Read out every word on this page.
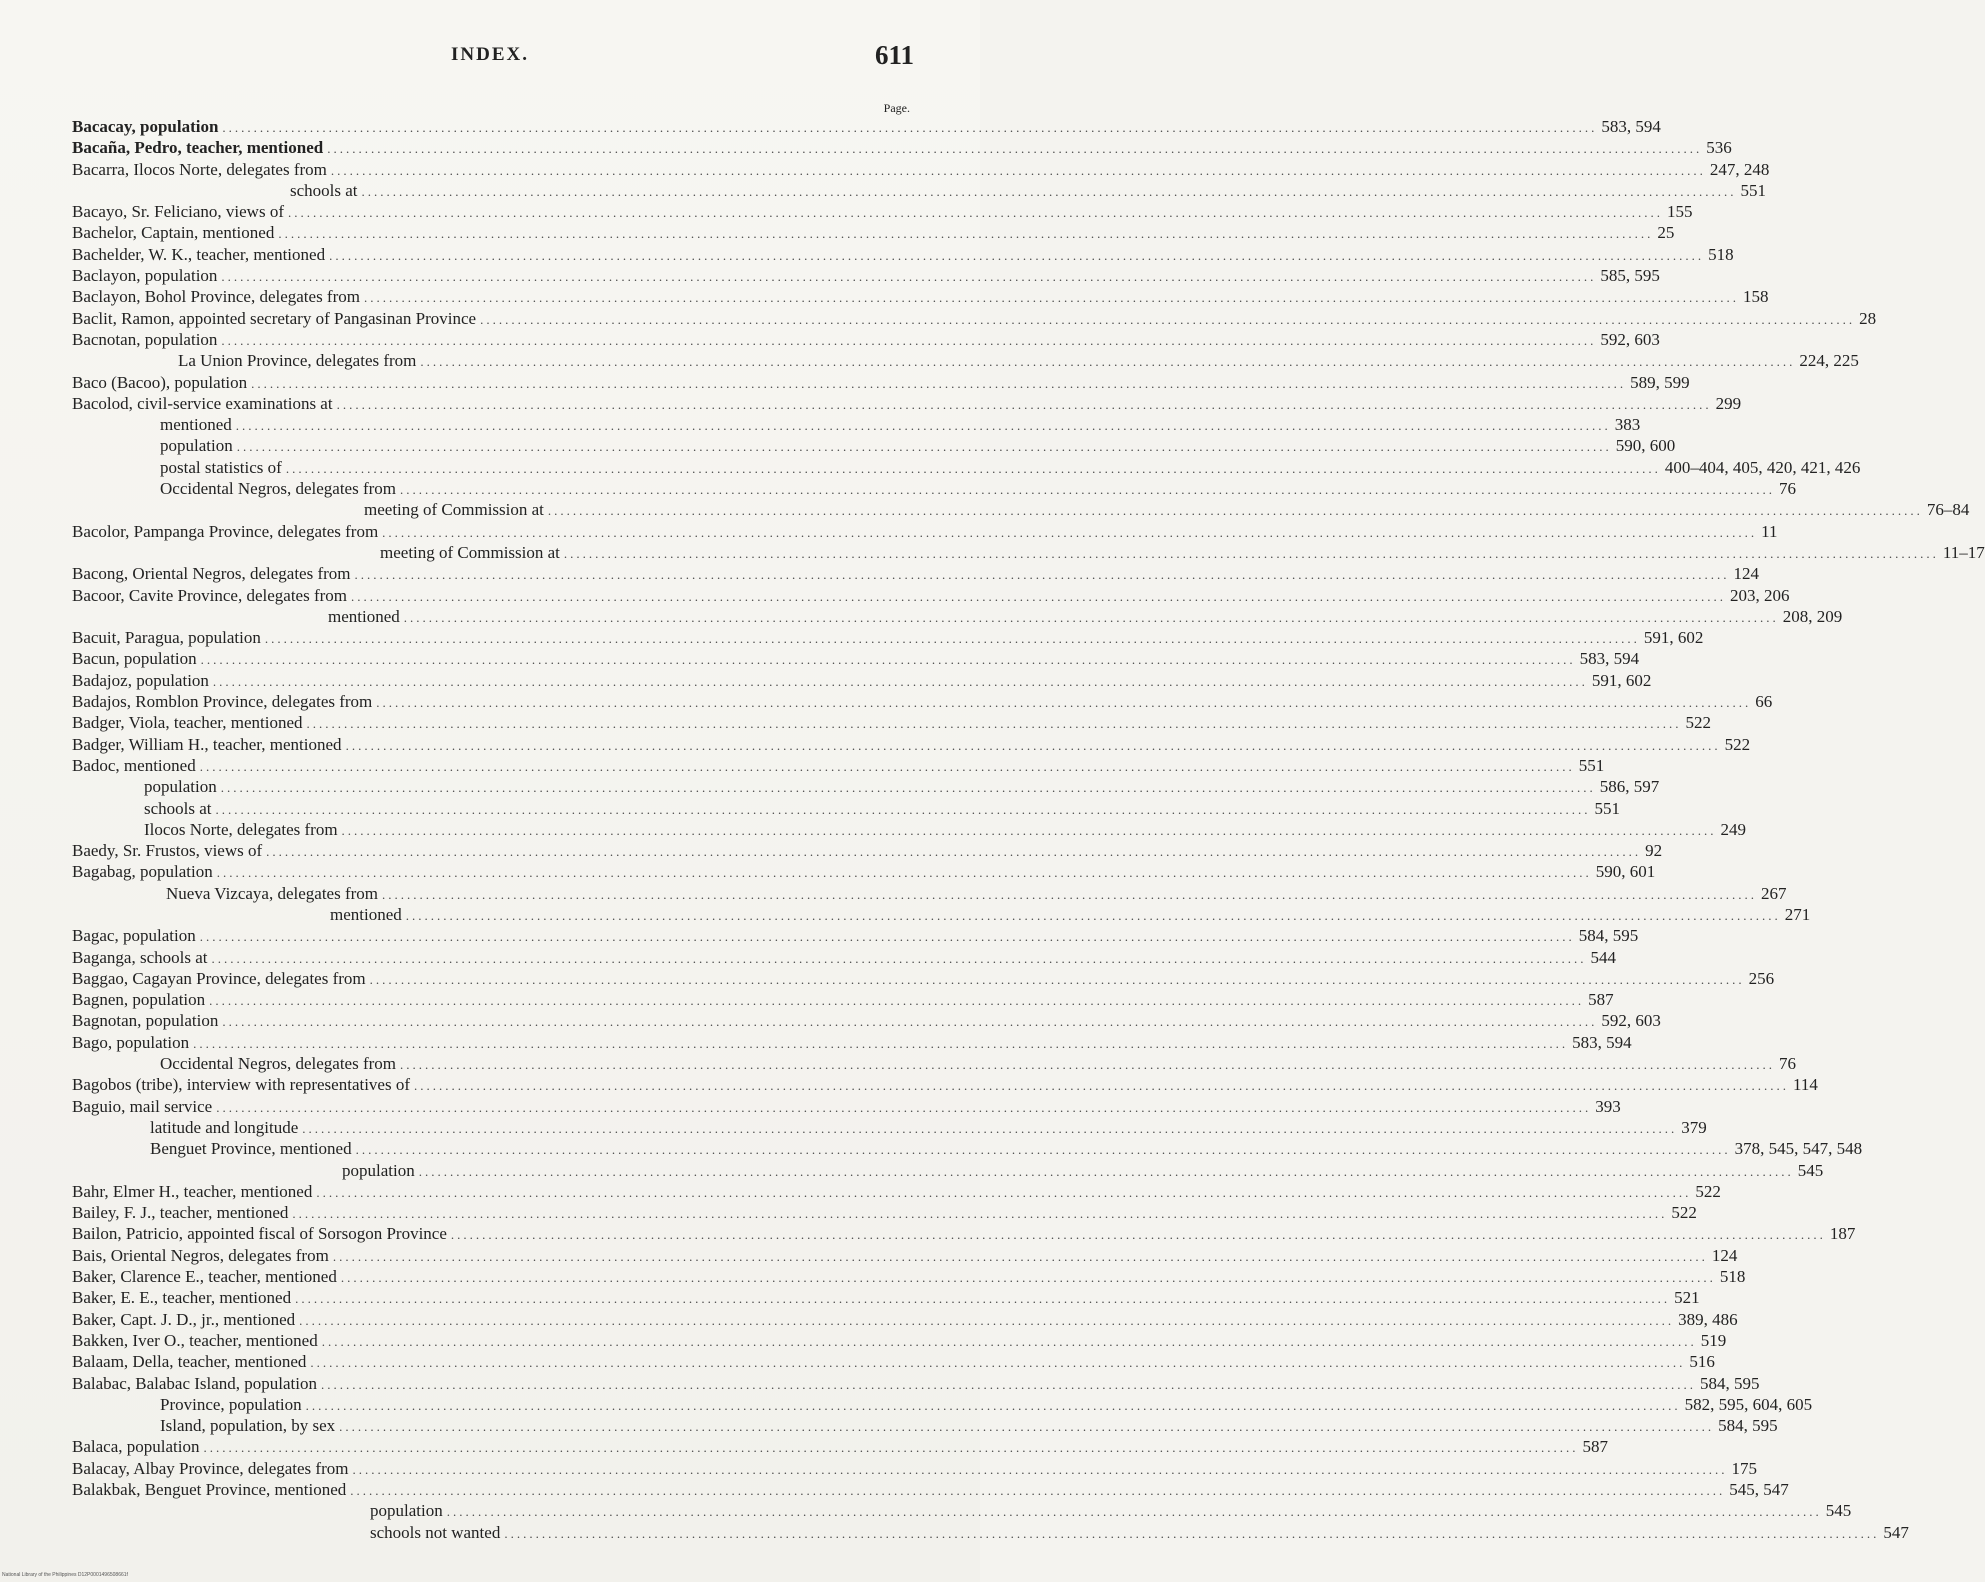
INDEX.	611
Page.
Bacacay, population ............................................................................................................................................................................................................................ 583, 594
Bacaña, Pedro, teacher, mentioned ............................................................................................................................................................................................................................ 536
Bacarra, Ilocos Norte, delegates from ............................................................................................................................................................................................................................ 247, 248
schools at ............................................................................................................................................................................................................................ 551
Bacayo, Sr. Feliciano, views of ............................................................................................................................................................................................................................ 155
Bachelor, Captain, mentioned ............................................................................................................................................................................................................................ 25
Bachelder, W. K., teacher, mentioned ............................................................................................................................................................................................................................ 518
Baclayon, population ............................................................................................................................................................................................................................ 585, 595
Baclayon, Bohol Province, delegates from ............................................................................................................................................................................................................................ 158
Baclit, Ramon, appointed secretary of Pangasinan Province ............................................................................................................................................................................................................................ 28
Bacnotan, population ............................................................................................................................................................................................................................ 592, 603
La Union Province, delegates from ............................................................................................................................................................................................................................ 224, 225
Baco (Bacoo), population ............................................................................................................................................................................................................................ 589, 599
Bacolod, civil-service examinations at ............................................................................................................................................................................................................................ 299
mentioned ............................................................................................................................................................................................................................ 383
population ............................................................................................................................................................................................................................ 590, 600
postal statistics of ............................................................................................................................................................................................................................ 400–404, 405, 420, 421, 426
Occidental Negros, delegates from ............................................................................................................................................................................................................................ 76
meeting of Commission at ............................................................................................................................................................................................................................ 76–84
Bacolor, Pampanga Province, delegates from ............................................................................................................................................................................................................................ 11
meeting of Commission at ............................................................................................................................................................................................................................ 11–17
Bacong, Oriental Negros, delegates from ............................................................................................................................................................................................................................ 124
Bacoor, Cavite Province, delegates from ............................................................................................................................................................................................................................ 203, 206
mentioned ............................................................................................................................................................................................................................ 208, 209
Bacuit, Paragua, population ............................................................................................................................................................................................................................ 591, 602
Bacun, population ............................................................................................................................................................................................................................ 583, 594
Badajoz, population ............................................................................................................................................................................................................................ 591, 602
Badajos, Romblon Province, delegates from ............................................................................................................................................................................................................................ 66
Badger, Viola, teacher, mentioned ............................................................................................................................................................................................................................ 522
Badger, William H., teacher, mentioned ............................................................................................................................................................................................................................ 522
Badoc, mentioned ............................................................................................................................................................................................................................ 551
population ............................................................................................................................................................................................................................ 586, 597
schools at ............................................................................................................................................................................................................................ 551
Ilocos Norte, delegates from ............................................................................................................................................................................................................................ 249
Baedy, Sr. Frustos, views of ............................................................................................................................................................................................................................ 92
Bagabag, population ............................................................................................................................................................................................................................ 590, 601
Nueva Vizcaya, delegates from ............................................................................................................................................................................................................................ 267
mentioned ............................................................................................................................................................................................................................ 271
Bagac, population ............................................................................................................................................................................................................................ 584, 595
Baganga, schools at ............................................................................................................................................................................................................................ 544
Baggao, Cagayan Province, delegates from ............................................................................................................................................................................................................................ 256
Bagnen, population ............................................................................................................................................................................................................................ 587
Bagnotan, population ............................................................................................................................................................................................................................ 592, 603
Bago, population ............................................................................................................................................................................................................................ 583, 594
Occidental Negros, delegates from ............................................................................................................................................................................................................................ 76
Bagobos (tribe), interview with representatives of ............................................................................................................................................................................................................................ 114
Baguio, mail service ............................................................................................................................................................................................................................ 393
latitude and longitude ............................................................................................................................................................................................................................ 379
Benguet Province, mentioned ............................................................................................................................................................................................................................ 378, 545, 547, 548
population ............................................................................................................................................................................................................................ 545
Bahr, Elmer H., teacher, mentioned ............................................................................................................................................................................................................................ 522
Bailey, F. J., teacher, mentioned ............................................................................................................................................................................................................................ 522
Bailon, Patricio, appointed fiscal of Sorsogon Province ............................................................................................................................................................................................................................ 187
Bais, Oriental Negros, delegates from ............................................................................................................................................................................................................................ 124
Baker, Clarence E., teacher, mentioned ............................................................................................................................................................................................................................ 518
Baker, E. E., teacher, mentioned ............................................................................................................................................................................................................................ 521
Baker, Capt. J. D., jr., mentioned ............................................................................................................................................................................................................................ 389, 486
Bakken, Iver O., teacher, mentioned ............................................................................................................................................................................................................................ 519
Balaam, Della, teacher, mentioned ............................................................................................................................................................................................................................ 516
Balabac, Balabac Island, population ............................................................................................................................................................................................................................ 584, 595
Province, population ............................................................................................................................................................................................................................ 582, 595, 604, 605
Island, population, by sex ............................................................................................................................................................................................................................ 584, 595
Balaca, population ............................................................................................................................................................................................................................ 587
Balacay, Albay Province, delegates from ............................................................................................................................................................................................................................ 175
Balakbak, Benguet Province, mentioned ............................................................................................................................................................................................................................ 545, 547
population ............................................................................................................................................................................................................................ 545
schools not wanted ............................................................................................................................................................................................................................ 547
National Library of the Philippines D12P0001496508661f
